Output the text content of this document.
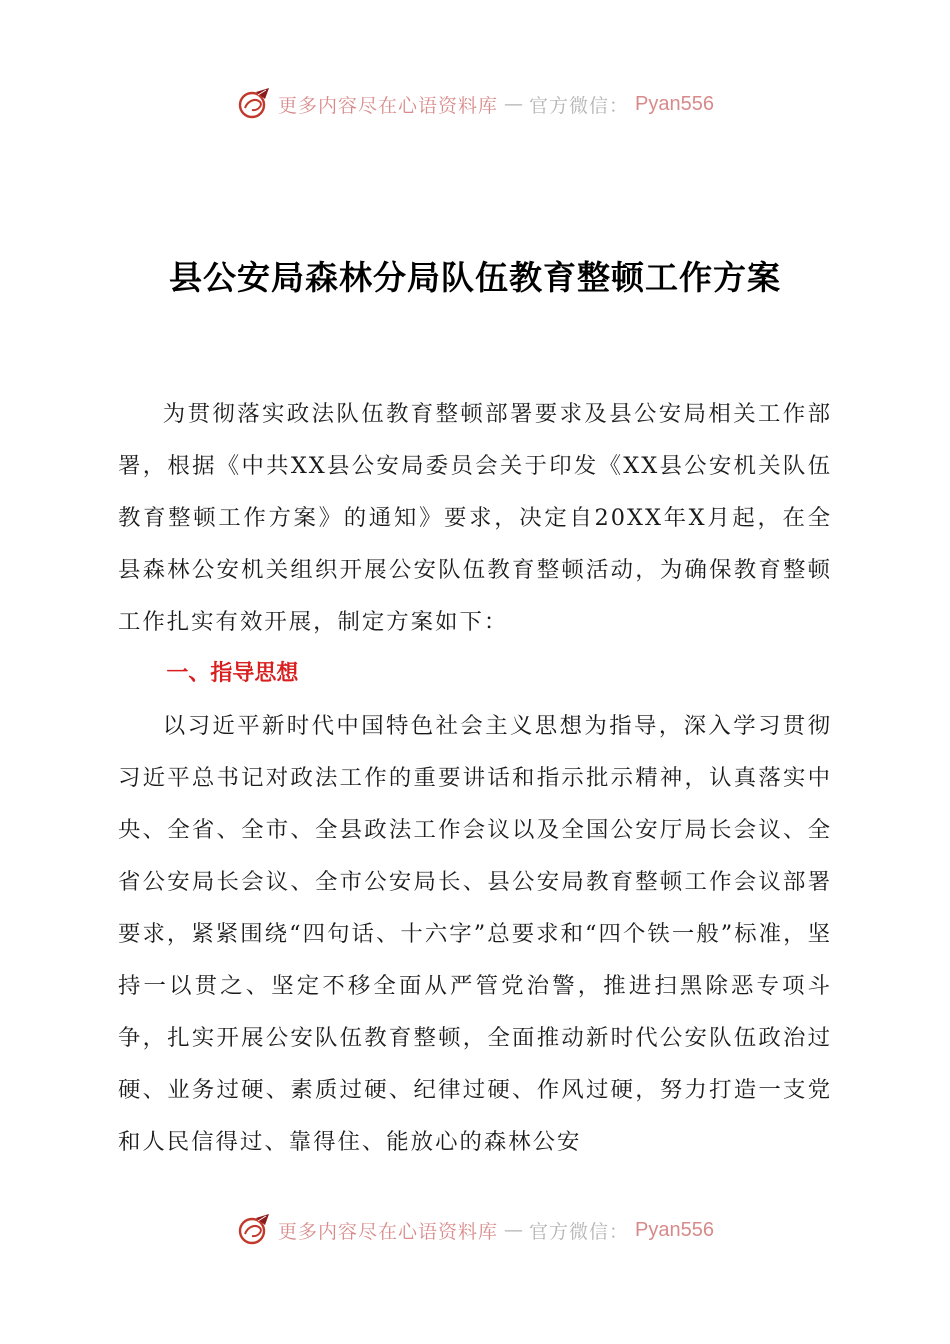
更多内容尽在心语资料库 — 官方微信： Pyan556
县公安局森林分局队伍教育整顿工作方案

为贯彻落实政法队伍教育整顿部署要求及县公安局相关工作部署，根据《中共XX县公安局委员会关于印发《XX县公安机关队伍教育整顿工作方案》的通知》要求，决定自20XX年X月起，在全县森林公安机关组织开展公安队伍教育整顿活动，为确保教育整顿工作扎实有效开展，制定方案如下：

一、指导思想

以习近平新时代中国特色社会主义思想为指导，深入学习贯彻习近平总书记对政法工作的重要讲话和指示批示精神，认真落实中央、全省、全市、全县政法工作会议以及全国公安厅局长会议、全省公安局长会议、全市公安局长、县公安局教育整顿工作会议部署要求，紧紧围绕“四句话、十六字”总要求和“四个铁一般”标准，坚持一以贯之、坚定不移全面从严管党治警，推进扫黑除恶专项斗争，扎实开展公安队伍教育整顿，全面推动新时代公安队伍政治过硬、业务过硬、素质过硬、纪律过硬、作风过硬，努力打造一支党和人民信得过、靠得住、能放心的森林公安

更多内容尽在心语资料库 — 官方微信： Pyan556
